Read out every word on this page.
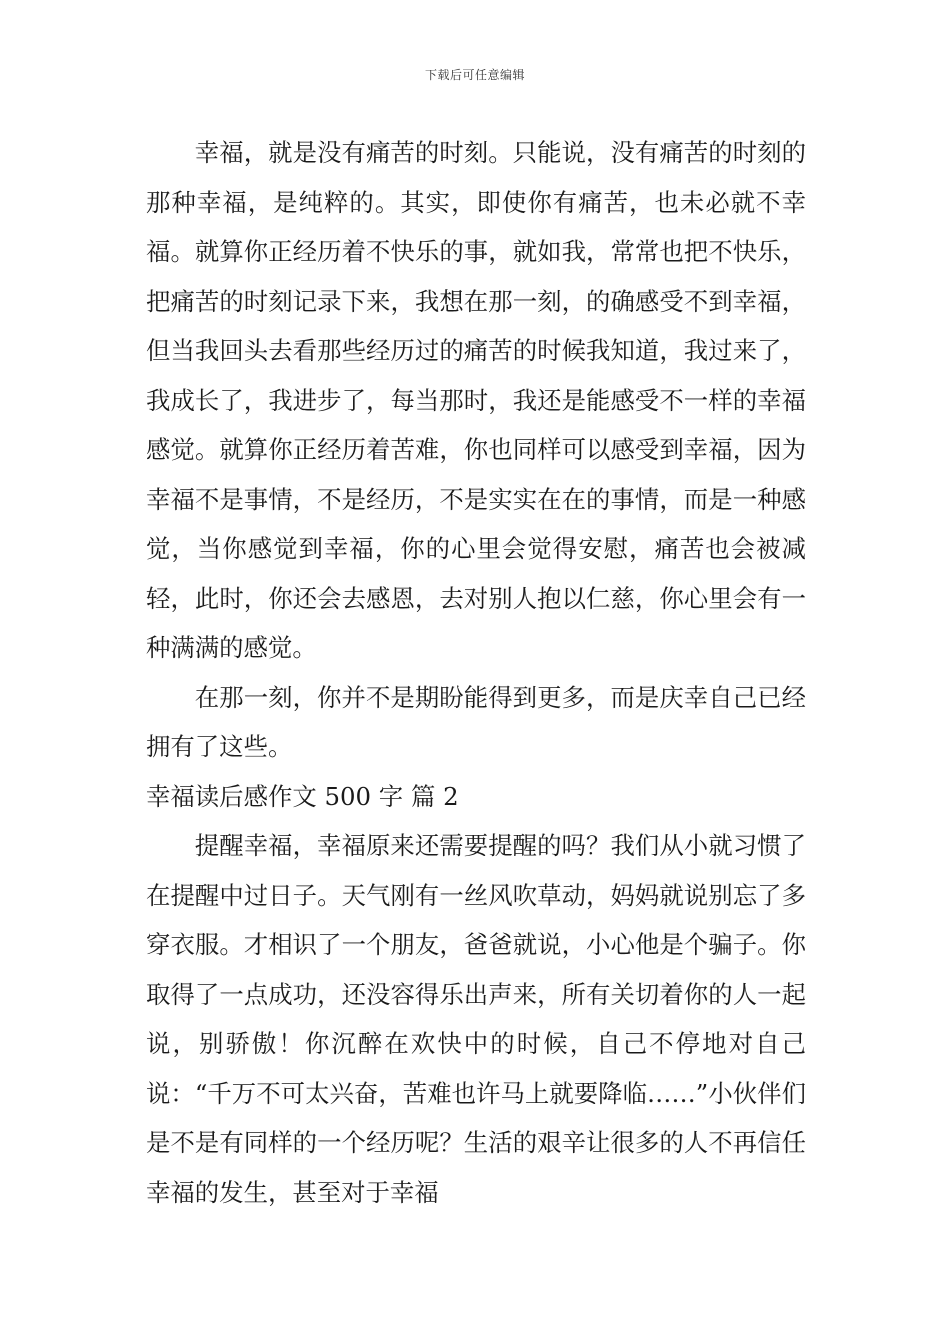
下载后可任意编辑

幸福，就是没有痛苦的时刻。只能说，没有痛苦的时刻的那种幸福，是纯粹的。其实，即使你有痛苦，也未必就不幸福。就算你正经历着不快乐的事，就如我，常常也把不快乐，把痛苦的时刻记录下来，我想在那一刻，的确感受不到幸福，但当我回头去看那些经历过的痛苦的时候我知道，我过来了，我成长了，我进步了，每当那时，我还是能感受不一样的幸福感觉。就算你正经历着苦难，你也同样可以感受到幸福，因为幸福不是事情，不是经历，不是实实在在的事情，而是一种感觉，当你感觉到幸福，你的心里会觉得安慰，痛苦也会被减轻，此时，你还会去感恩，去对别人抱以仁慈，你心里会有一种满满的感觉。

在那一刻，你并不是期盼能得到更多，而是庆幸自己已经拥有了这些。

幸福读后感作文 500 字 篇 2

提醒幸福，幸福原来还需要提醒的吗？我们从小就习惯了在提醒中过日子。天气刚有一丝风吹草动，妈妈就说别忘了多穿衣服。才相识了一个朋友，爸爸就说，小心他是个骗子。你取得了一点成功，还没容得乐出声来，所有关切着你的人一起说，别骄傲！你沉醉在欢快中的时候，自己不停地对自己说：“千万不可太兴奋，苦难也许马上就要降临……”小伙伴们是不是有同样的一个经历呢？生活的艰辛让很多的人不再信任幸福的发生，甚至对于幸福
